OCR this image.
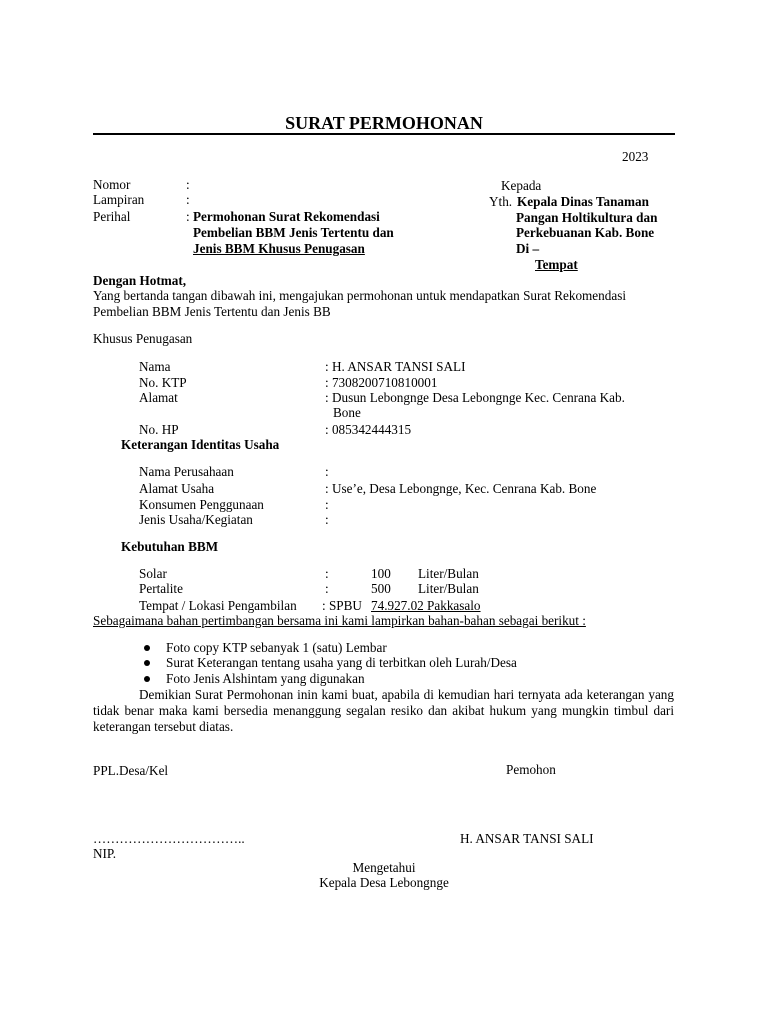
SURAT PERMOHONAN
2023
Nomor	:
Lampiran	:
Perihal	: Permohonan Surat Rekomendasi
Pembelian BBM Jenis Tertentu dan
Jenis BBM Khusus Penugasan
Kepada
Yth. Kepala Dinas Tanaman
Pangan Holtikultura dan
Perkebuanan Kab. Bone
Di –
Tempat
Dengan Hotmat,
Yang bertanda tangan dibawah ini, mengajukan permohonan untuk mendapatkan Surat Rekomendasi Pembelian BBM Jenis Tertentu dan Jenis BB
Khusus Penugasan
Nama	: H. ANSAR TANSI SALI
No. KTP	: 7308200710810001
Alamat	: Dusun Lebongnge Desa Lebongnge Kec. Cenrana Kab.
Bone
No. HP	: 085342444315
Keterangan Identitas Usaha
Nama Perusahaan	:
Alamat Usaha	: Use’e, Desa Lebongnge, Kec. Cenrana Kab. Bone
Konsumen Penggunaan	:
Jenis Usaha/Kegiatan	:
Kebutuhan BBM
Solar	:	100 Liter/Bulan
Pertalite	:	500 Liter/Bulan
Tempat / Lokasi Pengambilan : SPBU 74.927.02 Pakkasalo
Sebagaimana bahan pertimbangan bersama ini kami lampirkan bahan-bahan sebagai berikut :
Foto copy KTP sebanyak 1 (satu) Lembar
Surat Keterangan tentang usaha yang di terbitkan oleh Lurah/Desa
Foto Jenis Alshintam yang digunakan
Demikian Surat Permohonan inin kami buat, apabila di kemudian hari ternyata ada keterangan yang tidak benar maka kami bersedia menanggung segalan resiko dan akibat hukum yang mungkin timbul dari keterangan tersebut diatas.
PPL.Desa/Kel	Pemohon
……………………………..	H. ANSAR TANSI SALI
NIP.
Mengetahui
Kepala Desa Lebongnge
